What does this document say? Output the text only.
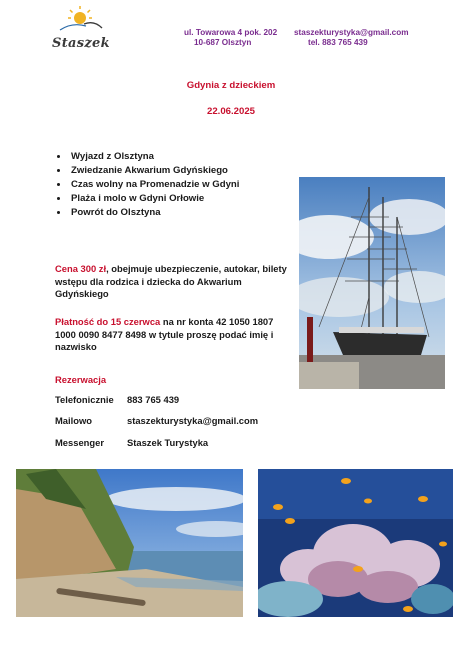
Staszek
ul. Towarowa 4 pok. 202
10-687 Olsztyn
staszekturystyka@gmail.com
tel. 883 765 439
Gdynia z dzieckiem
22.06.2025
• Wyjazd z Olsztyna
• Zwiedzanie Akwarium Gdyńskiego
• Czas wolny na Promenadzie w Gdyni
• Plaża i molo w Gdyni Orłowie
• Powrót do Olsztyna
Cena 300 zł, obejmuje ubezpieczenie, autokar, bilety wstępu dla rodzica i dziecka do Akwarium Gdyńskiego
Płatność do 15 czerwca na nr konta 42 1050 1807 1000 0090 8477 8498 w tytule proszę podać imię i nazwisko
Rezerwacja
Telefonicznie 883 765 439
Mailowo	staszekturystyka@gmail.com
Messenger Staszek Turystyka
